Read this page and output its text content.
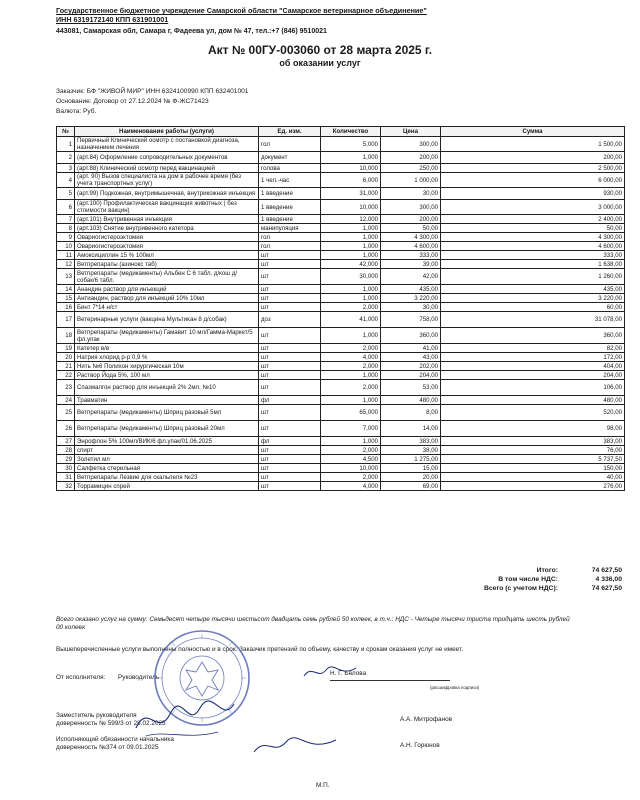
Государственное бюджетное учреждение Самарской области "Самарское ветеринарное объединение"
ИНН 6319172140 КПП 631901001
443081, Самарская обл, Самара г, Фадеева ул, дом № 47, тел.:+7 (846) 9510021
Акт № 00ГУ-003060 от 28 марта 2025 г.
об оказании услуг
Заказчик: БФ "ЖИВОЙ МИР" ИНН 6324100990 КПП 632401001
Основание: Договор от 27.12.2024 № Ф-ЖС71423
Валюта: Руб.
№	Наименование работы (услуги)	Ед. изм.	Количество	Цена	Сумма
1	Первичный Клинический осмотр с постановкой диагноза, назначением лечения	гол	5,000	300,00	1 500,00
2	(арт.84) Оформление сопроводительных документов	документ	1,000	200,00	200,00
3	(арт.88) Клинический осмотр перед вакцинацией	голова	10,000	250,00	2 500,00
4	(арт. 90) Вызов специалиста на дом в рабочее время (без учета транспортных услуг)	1 чел.-час	6,000	1 000,00	6 000,00
5	(арт.99) Подкожная, внутримышечная, внутрикожная инъекция	1 введение	31,000	30,00	930,00
6	(арт.100) Профилактическая вакцинация животных ( без стоимости вакцин)	1 введение	10,000	300,00	3 000,00
7	(арт.101) Внутривенная инъекция	1 введение	12,000	200,00	2 400,00
8	(арт.103) Снятие внутривенного катетора	манипуляция	1,000	50,00	50,00
9	Овариогистероэктомия	гол	1,000	4 300,00	4 300,00
10	Овариогистероэктомия	гол	1,000	4 600,00	4 600,00
11	Амоксициллин 15 % 100мл	шт	1,000	333,00	333,00
12	Ветпрепараты (азинокс таб)	шт	42,000	39,00	1 638,00
13	Ветпрепараты (медикаменты) Альбен С 6 табл. д/кош д/собак/6 табл.	шт	30,000	42,00	1 260,00
14	Анандин раствор для инъекций	шт	1,000	435,00	435,00
15	Антиандин, раствор для инъекций 10% 10мл	шт	1,000	3 220,00	3 220,00
16	Бинт 7*14 н/ст	шт	2,000	30,00	60,00
17	Ветеринарные услуги (вакцина Мультикан 8 д/собак)	доз	41,000	758,00	31 078,00
18	Ветпрепараты (медикаменты) Гамавит 10 мл/Гамма-Маркет/5 фл.упак	шт	1,000	360,00	360,00
19	Катетер в/в	шт	2,000	41,00	82,00
20	Натрия хлорид р-р 0,9 %	шт	4,000	43,00	172,00
21	Нить №6 Полихон хирургическая 10м	шт	2,000	202,00	404,00
22	Раствор Йода 5%, 100 мл	шт	1,000	204,00	204,00
23	Спазмалгон раствор для инъекций 2% 2мл. №10	шт	2,000	53,00	106,00
24	Травматин	фл	1,000	480,00	480,00
25	Ветпрепараты (медикаменты) Шприц разовый 5мл	шт	65,000	8,00	520,00
26	Ветпрепараты (медикаменты) Шприц разовый 20мл	шт	7,000	14,00	98,00
27	Энрофлон 5% 100мл/ВИК/6 фл.упак/01.06.2025	фл	1,000	383,00	383,00
28	спирт	шт	2,000	38,00	76,00
29	Золетил мл	шт	4,500	1 275,00	5 737,50
30	Салфетка стерильная	шт	10,000	15,00	150,00
31	Ветпрепараты Лезвие для скальпеля №23	шт	2,000	20,00	40,00
32	Торрамицин спрей	шт	4,000	69,00	276,00
Итого:	74 627,50
В том числе НДС:	4 336,00
Всего (с учетом НДС):	74 627,50
Всего оказано услуг на сумму: Семьдесят четыре тысячи шестьсот двадцать семь рублей 50 копеек, в т.ч.: НДС - Четыре тысячи триста тридцать шесть рублей 00 копеек
Вышеперечисленные услуги выполнены полностью и в срок. Заказчик претензий по объему, качеству и срокам оказания услуг не имеет.
От исполнителя: Руководитель
Н. Г. Белова
(расшифровка подписи)
Заместитель руководителя
доверенность № 599/3 от 28.02.2025
А.А. Митрофанов
Исполняющий обязанности начальника
доверенность №374 от 09.01.2025	А.Н. Горюнов
М.П.
